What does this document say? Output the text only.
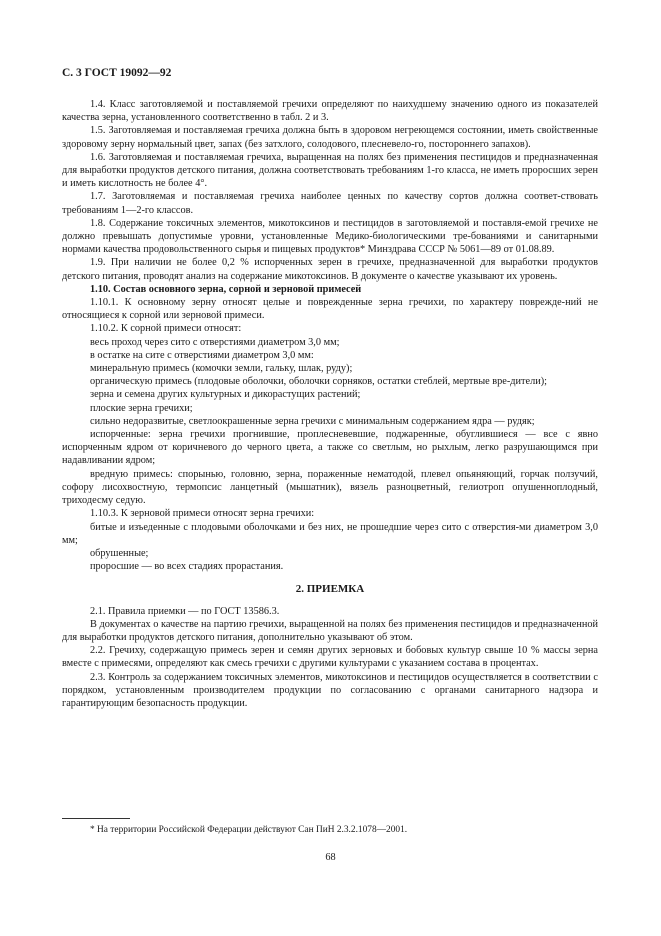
С. 3 ГОСТ 19092—92

1.4. Класс заготовляемой и поставляемой гречихи определяют по наихудшему значению одного из показателей качества зерна, установленного соответственно в табл. 2 и 3.

1.5. Заготовляемая и поставляемая гречиха должна быть в здоровом негреющемся состоянии, иметь свойственные здоровому зерну нормальный цвет, запах (без затхлого, солодового, плесневело-го, постороннего запахов).

1.6. Заготовляемая и поставляемая гречиха, выращенная на полях без применения пестицидов и предназначенная для выработки продуктов детского питания, должна соответствовать требованиям 1-го класса, не иметь проросших зерен и иметь кислотность не более 4°.

1.7. Заготовляемая и поставляемая гречиха наиболее ценных по качеству сортов должна соответ-ствовать требованиям 1—2-го классов.

1.8. Содержание токсичных элементов, микотоксинов и пестицидов в заготовляемой и поставля-емой гречихе не должно превышать допустимые уровни, установленные Медико-биологическими тре-бованиями и санитарными нормами качества продовольственного сырья и пищевых продуктов* Минздрава СССР № 5061—89 от 01.08.89.

1.9. При наличии не более 0,2 % испорченных зерен в гречихе, предназначенной для выработки продуктов детского питания, проводят анализ на содержание микотоксинов. В документе о качестве указывают их уровень.

1.10. Состав основного зерна, сорной и зерновой примесей

1.10.1. К основному зерну относят целые и поврежденные зерна гречихи, по характеру поврежде-ний не относящиеся к сорной или зерновой примеси.

1.10.2. К сорной примеси относят:

весь проход через сито с отверстиями диаметром 3,0 мм;

в остатке на сите с отверстиями диаметром 3,0 мм:

минеральную примесь (комочки земли, гальку, шлак, руду);

органическую примесь (плодовые оболочки, оболочки сорняков, остатки стеблей, мертвые вре-дители);

зерна и семена других культурных и дикорастущих растений;

плоские зерна гречихи;

сильно недоразвитые, светлоокрашенные зерна гречихи с минимальным содержанием ядра — рудяк;

испорченные: зерна гречихи прогнившие, проплесневевшие, поджаренные, обуглившиеся — все с явно испорченным ядром от коричневого до черного цвета, а также со светлым, но рыхлым, легко разрушающимся при надавливании ядром;

вредную примесь: спорынью, головню, зерна, пораженные нематодой, плевел опьяняющий, горчак ползучий, софору лисохвостную, термопсис ланцетный (мышатник), вязель разноцветный, гелиотроп опушеннoплодный, триходесму седую.

1.10.3. К зерновой примеси относят зерна гречихи:

битые и изъеденные с плодовыми оболочками и без них, не прошедшие через сито с отверстия-ми диаметром 3,0 мм;

обрушенные;

проросшие — во всех стадиях прорастания.

2. ПРИЕМКА

2.1. Правила приемки — по ГОСТ 13586.3.

В документах о качестве на партию гречихи, выращенной на полях без применения пестицидов и предназначенной для выработки продуктов детского питания, дополнительно указывают об этом.

2.2. Гречиху, содержащую примесь зерен и семян других зерновых и бобовых культур свыше 10 % массы зерна вместе с примесями, определяют как смесь гречихи с другими культурами с указанием состава в процентах.

2.3. Контроль за содержанием токсичных элементов, микотоксинов и пестицидов осуществляется в соответствии с порядком, установленным производителем продукции по согласованию с органами санитарного надзора и гарантирующим безопасность продукции.

* На территории Российской Федерации действуют Сан ПиН 2.3.2.1078—2001.
68
